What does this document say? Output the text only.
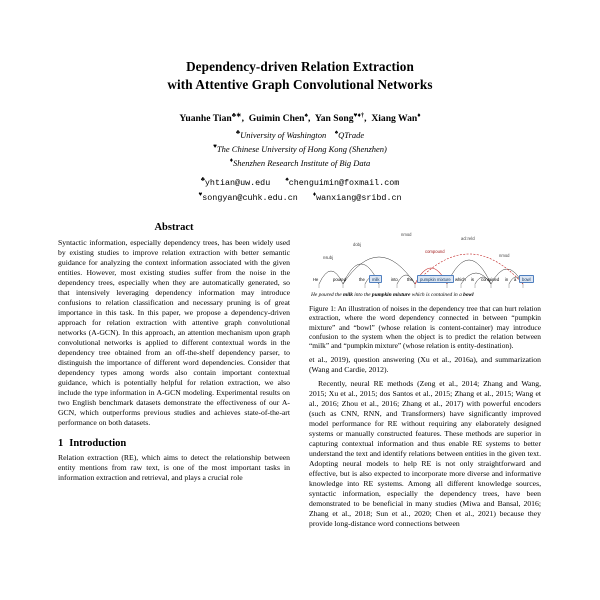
Dependency-driven Relation Extraction
with Attentive Graph Convolutional Networks
Yuanhe Tian♣∗,  Guimin Chen♠,  Yan Song♥♦†,  Xiang Wan♦
♣University of Washington ♠QTrade
♥The Chinese University of Hong Kong (Shenzhen)
♦Shenzhen Research Institute of Big Data
♣yhtian@uw.edu ♠chenguimin@foxmail.com
♥songyan@cuhk.edu.cn ♦wanxiang@sribd.cn
Abstract

Syntactic information, especially dependency trees, has been widely used by existing studies to improve relation extraction with better semantic guidance for analyzing the context information associated with the given entities. However, most existing studies suffer from the noise in the dependency trees, especially when they are automatically generated, so that intensively leveraging dependency information may introduce confusions to relation classification and necessary pruning is of great importance in this task. In this paper, we propose a dependency-driven approach for relation extraction with attentive graph convolutional networks (A-GCN). In this approach, an attention mechanism upon graph convolutional networks is applied to different contextual words in the dependency tree obtained from an off-the-shelf dependency parser, to distinguish the importance of different word dependencies. Consider that dependency types among words also contain important contextual guidance, which is potentially helpful for relation extraction, we also include the type information in A-GCN modeling. Experimental results on two English benchmark datasets demonstrate the effectiveness of our A-GCN, which outperforms previous studies and achieves state-of-the-art performance on both datasets.

1 Introduction

Relation extraction (RE), which aims to detect the relationship between entity mentions from raw text, is one of the most important tasks in information extraction and retrieval, and plays a crucial role

He	poured	the	milk	into the	pumpkin mixture	which is contained in a	bowl
nsubj
dobj
nmod
compound
acl:relcl
nmod
He poured the milk into the pumpkin mixture which is contained in a bowl
Figure 1: An illustration of noises in the dependency tree that can hurt relation extraction, where the word dependency connected in between “pumpkin mixture” and “bowl” (whose relation is content-container) may introduce confusion to the system when the object is to predict the relation between “milk” and “pumpkin mixture” (whose relation is entity-destination).

et al., 2019), question answering (Xu et al., 2016a), and summarization (Wang and Cardie, 2012).

Recently, neural RE methods (Zeng et al., 2014; Zhang and Wang, 2015; Xu et al., 2015; dos Santos et al., 2015; Zhang et al., 2015; Wang et al., 2016; Zhou et al., 2016; Zhang et al., 2017) with powerful encoders (such as CNN, RNN, and Transformers) have significantly improved model performance for RE without requiring any elaborately designed systems or manually constructed features. These methods are superior in capturing contextual information and thus enable RE systems to better understand the text and identify relations between entities in the given text. Adopting neural models to help RE is not only straightforward and effective, but is also expected to incorporate more diverse and informative knowledge into RE systems. Among all different knowledge sources, syntactic information, especially the dependency trees, have been demonstrated to be beneficial in many studies (Miwa and Bansal, 2016; Zhang et al., 2018; Sun et al., 2020; Chen et al., 2021) because they provide long-distance word connections between
